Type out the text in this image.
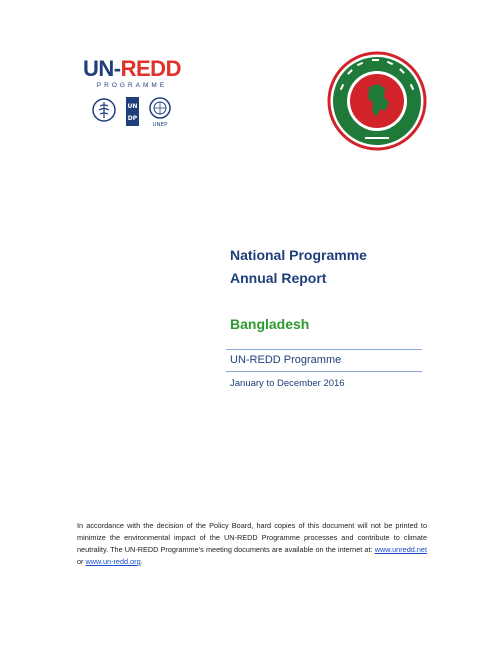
UN-REDD
PROGRAMME
UN
DP
UNEP
National Programme
Annual Report
Bangladesh
UN-REDD Programme
January to December 2016

In accordance with the decision of the Policy Board, hard copies of this document will not be printed to minimize the environmental impact of the UN-REDD Programme processes and contribute to climate neutrality. The UN-REDD Programme’s meeting documents are available on the internet at: www.unredd.net or www.un-redd.org.
